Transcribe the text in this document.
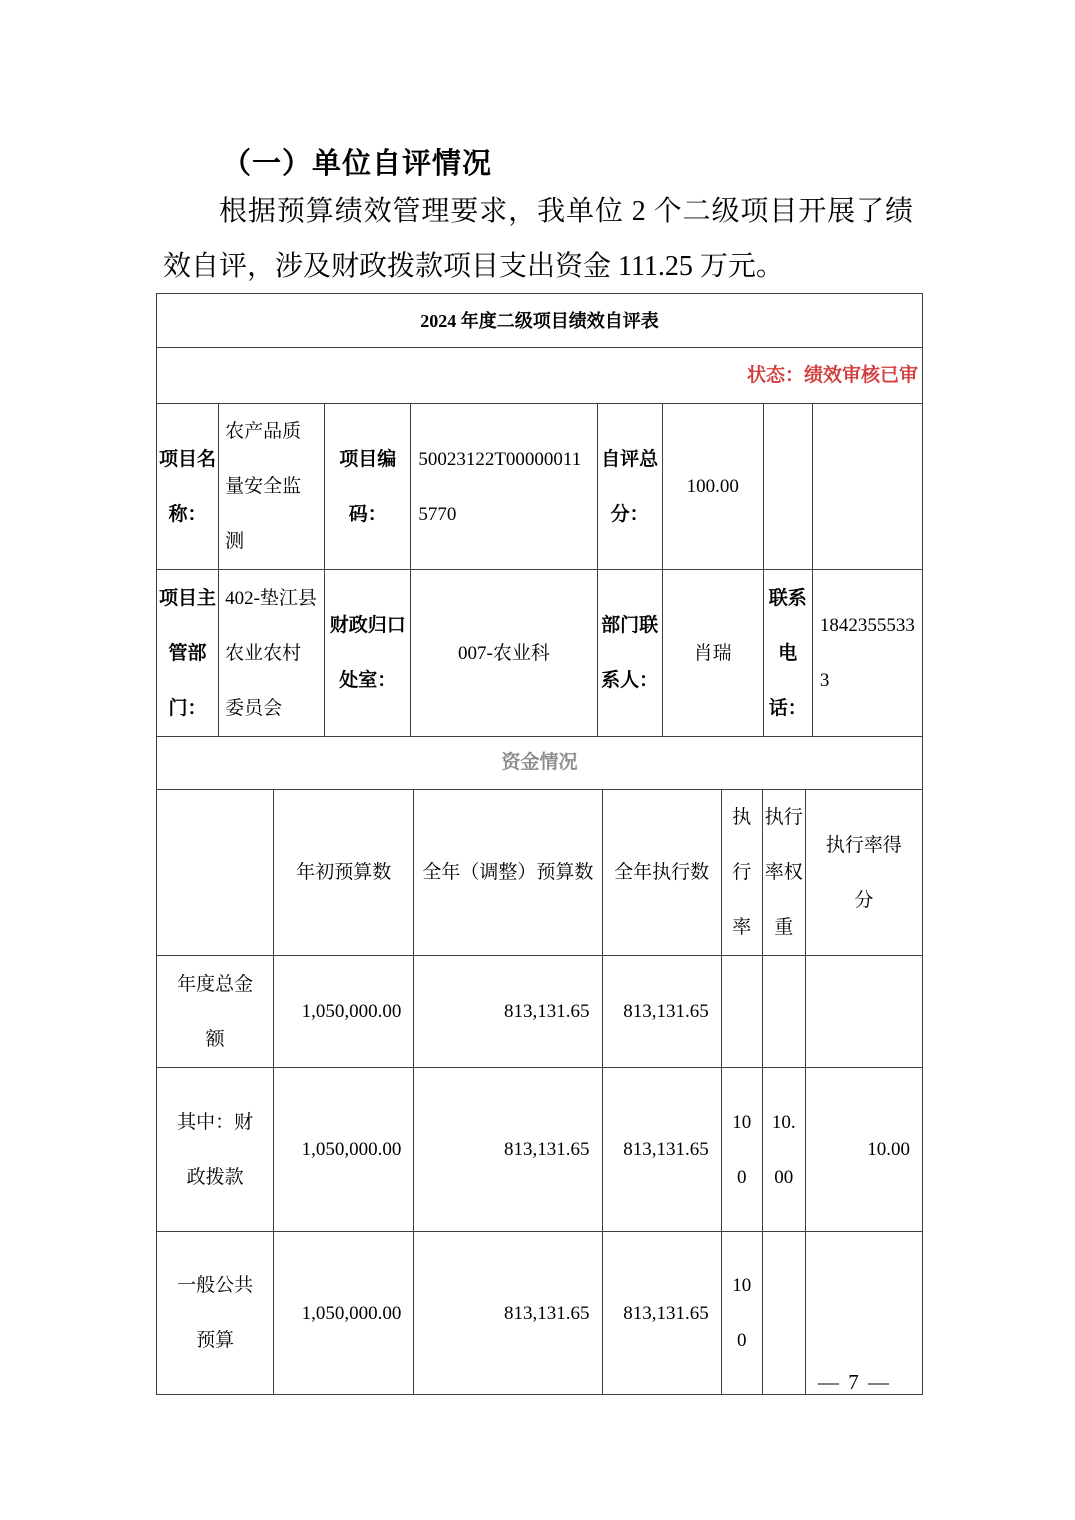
（一）单位自评情况
根据预算绩效管理要求，我单位 2 个二级项目开展了绩效自评，涉及财政拨款项目支出资金 111.25 万元。
2024 年度二级项目绩效自评表							
状态：绩效审核已审							
项目名称：	农产品质量安全监测	项目编码：	50023122T000000115770	自评总分：	100.00		
项目主管部门：	402-垫江县农业农村委员会	财政归口处室：	007-农业科	部门联系人：	肖瑞	联系电话：	18423555333
资金情况						
	年初预算数	全年（调整）预算数	全年执行数	执行率	执行率权重	执行率得分
年度总金额	1,050,000.00	813,131.65	813,131.65			
其中：财政拨款	1,050,000.00	813,131.65	813,131.65	100	10.00	10.00
一般公共预算	1,050,000.00	813,131.65	813,131.65	100		
— 7 —
